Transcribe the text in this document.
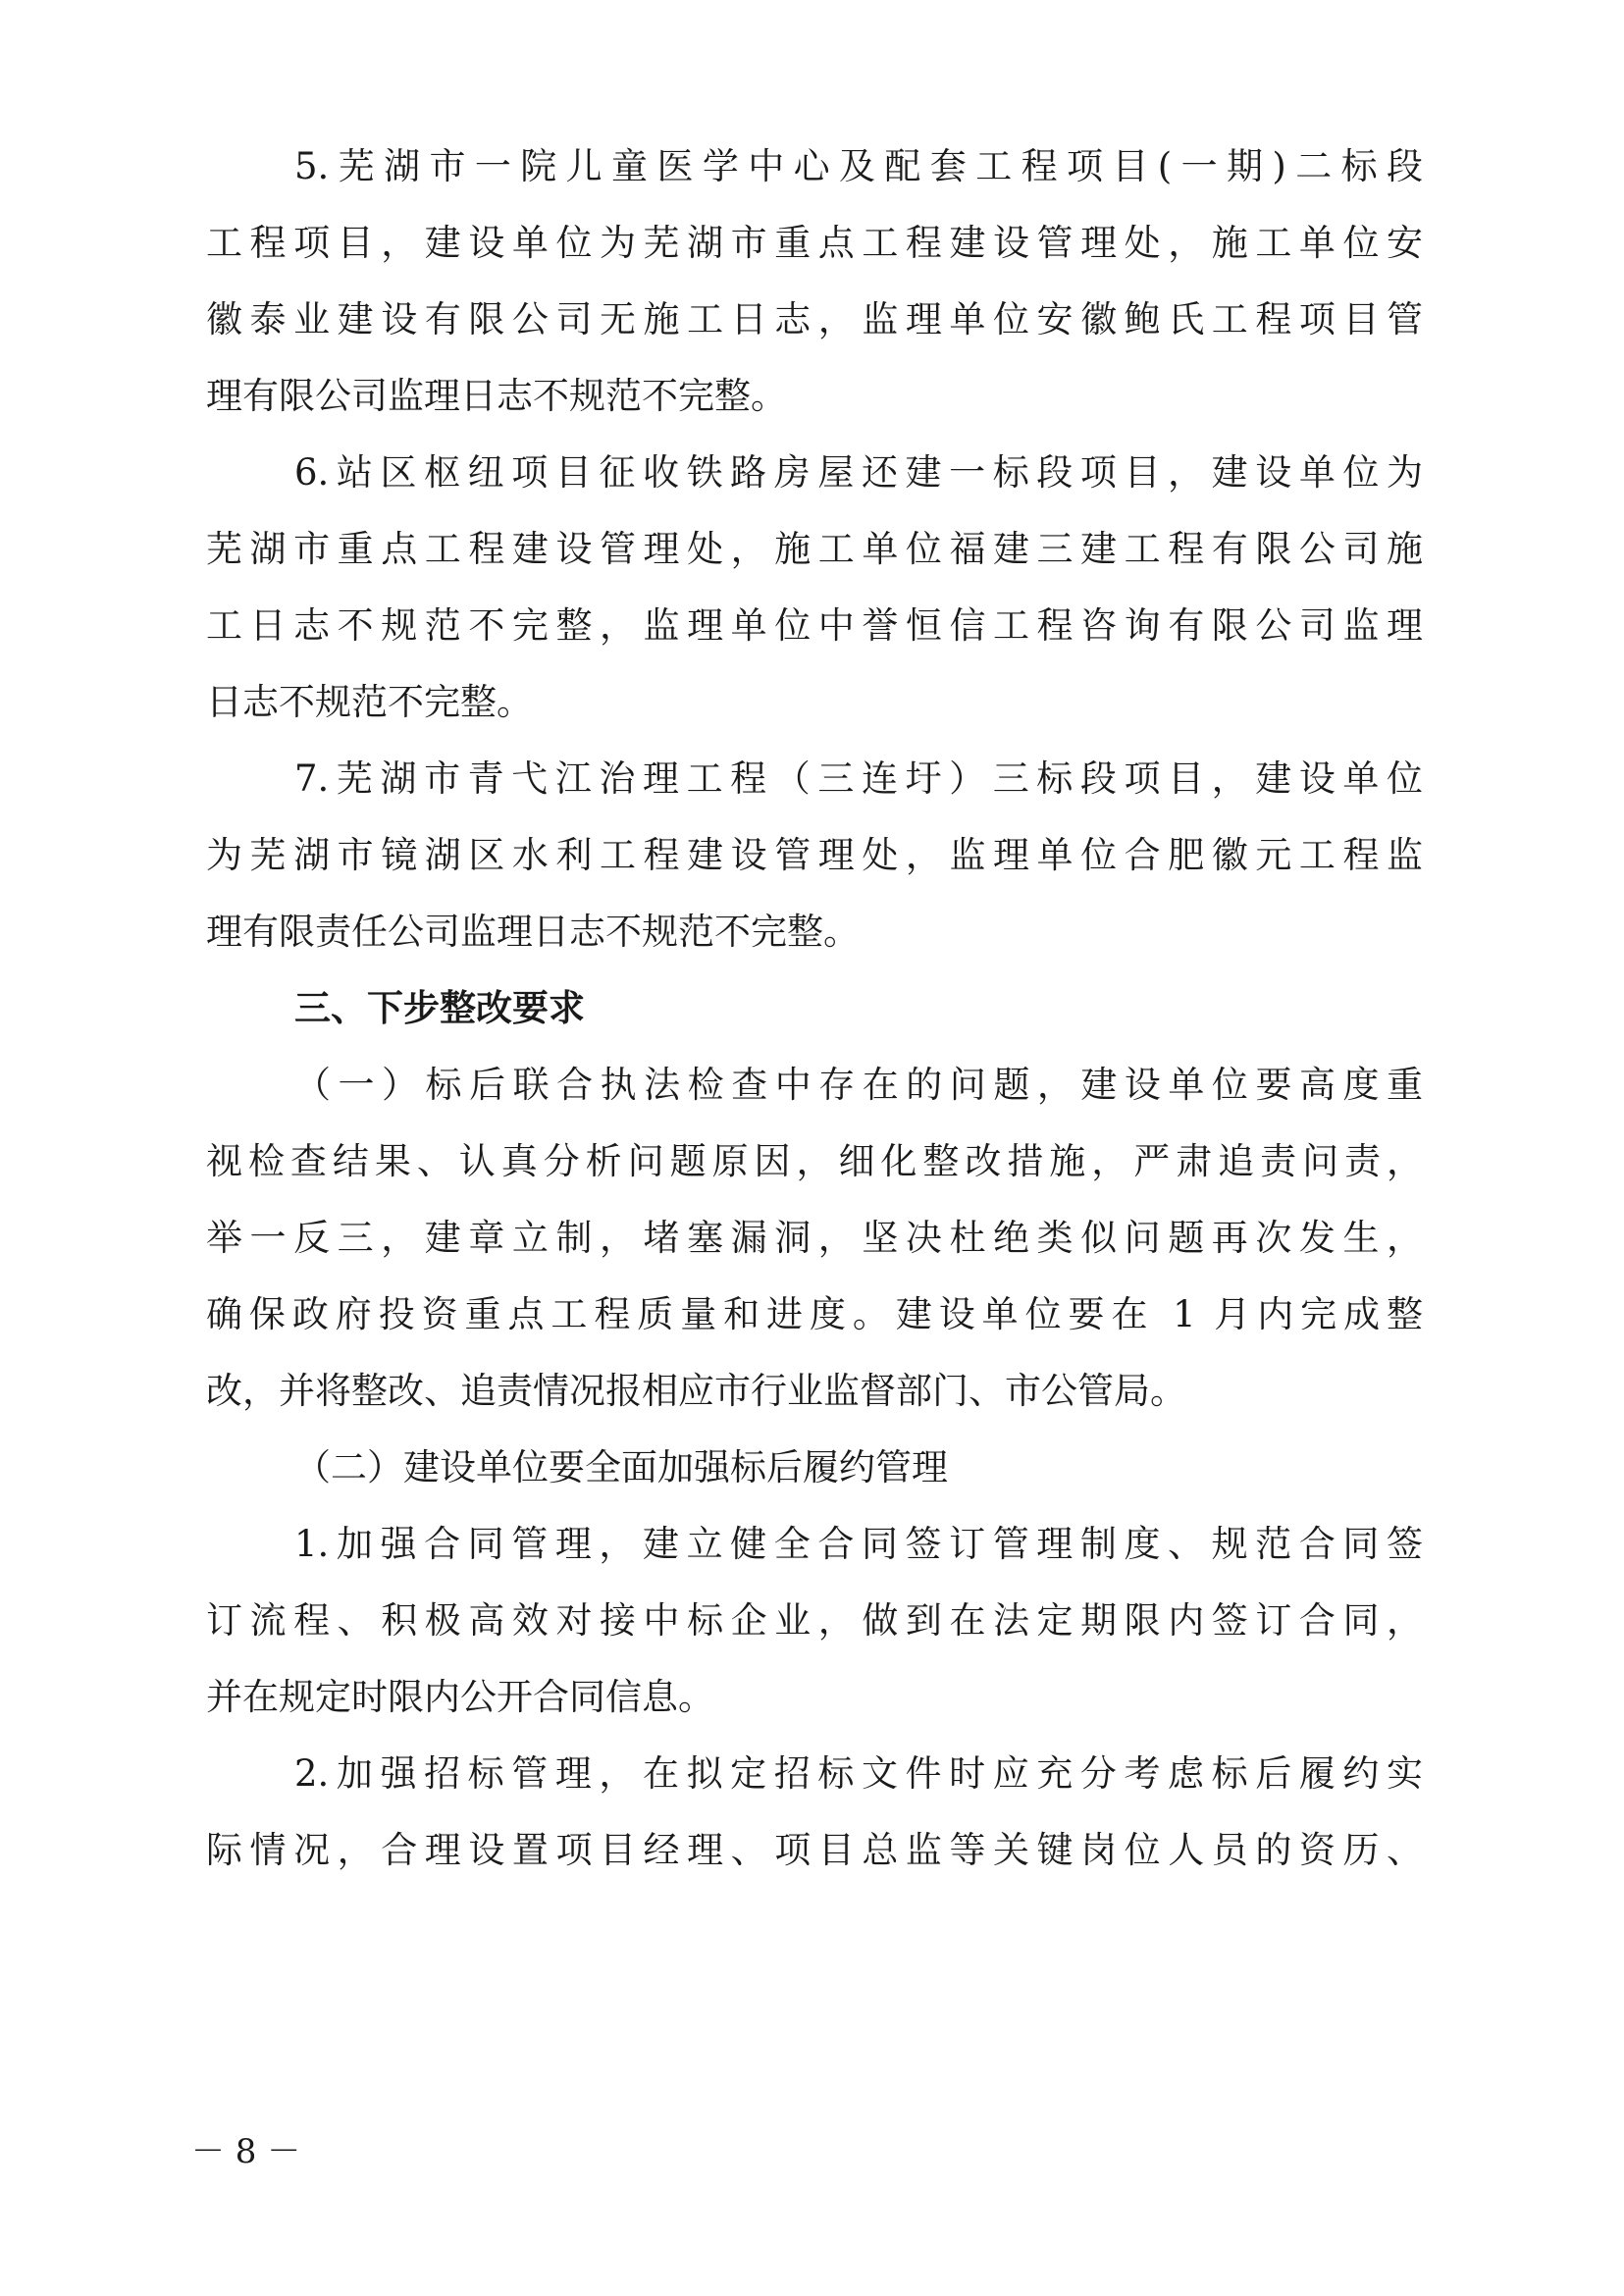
5.芜湖市一院儿童医学中心及配套工程项目(一期)二标段
工程项目，建设单位为芜湖市重点工程建设管理处，施工单位安
徽泰业建设有限公司无施工日志，监理单位安徽鲍氏工程项目管
理有限公司监理日志不规范不完整。
6.站区枢纽项目征收铁路房屋还建一标段项目，建设单位为
芜湖市重点工程建设管理处，施工单位福建三建工程有限公司施
工日志不规范不完整，监理单位中誉恒信工程咨询有限公司监理
日志不规范不完整。
7.芜湖市青弋江治理工程（三连圩）三标段项目，建设单位
为芜湖市镜湖区水利工程建设管理处，监理单位合肥徽元工程监
理有限责任公司监理日志不规范不完整。
三、下步整改要求
（一）标后联合执法检查中存在的问题，建设单位要高度重
视检查结果、认真分析问题原因，细化整改措施，严肃追责问责，
举一反三，建章立制，堵塞漏洞，坚决杜绝类似问题再次发生，
确保政府投资重点工程质量和进度。建设单位要在 1 月内完成整
改，并将整改、追责情况报相应市行业监督部门、市公管局。
（二）建设单位要全面加强标后履约管理
1.加强合同管理，建立健全合同签订管理制度、规范合同签
订流程、积极高效对接中标企业，做到在法定期限内签订合同，
并在规定时限内公开合同信息。
2.加强招标管理，在拟定招标文件时应充分考虑标后履约实
际情况，合理设置项目经理、项目总监等关键岗位人员的资历、
－ 8 －
